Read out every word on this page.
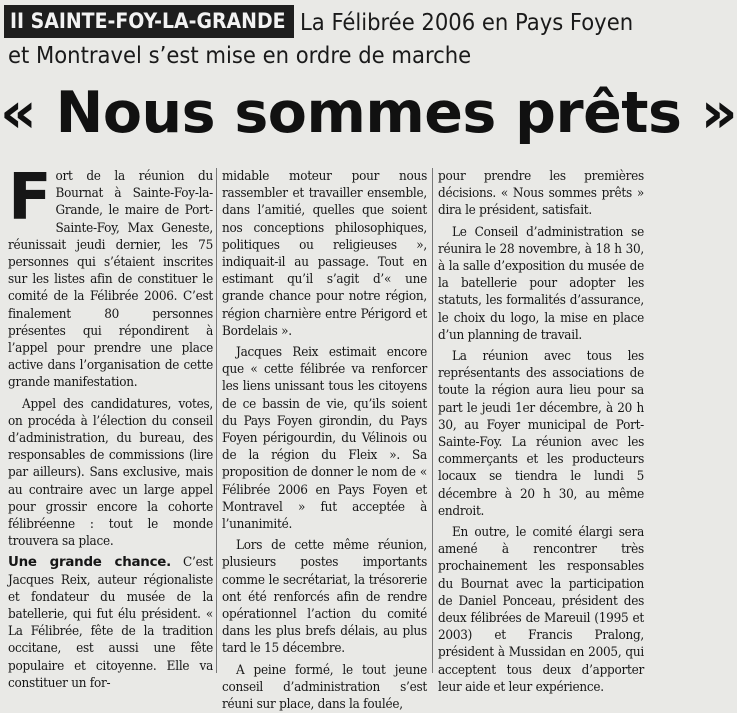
II SAINTE-FOY-LA-GRANDE La Félibrée 2006 en Pays Foyen
et Montravel s’est mise en ordre de marche
« Nous sommes prêts »

Fort de la réunion du Bournat à Sainte-Foy-la-Grande, le maire de Port-Sainte-Foy, Max Geneste, réunissait jeudi dernier, les 75 personnes qui s’étaient inscrites sur les listes afin de constituer le comité de la Félibrée 2006. C’est finalement 80 personnes présentes qui répondirent à l’appel pour prendre une place active dans l’organisation de cette grande manifestation.

Appel des candidatures, votes, on procéda à l’élection du conseil d’administration, du bureau, des responsables de commissions (lire par ailleurs). Sans exclusive, mais au contraire avec un large appel pour grossir encore la cohorte félibréenne : tout le monde trouvera sa place.

Une grande chance. C’est Jacques Reix, auteur régionaliste et fondateur du musée de la batellerie, qui fut élu président. « La Félibrée, fête de la tradition occitane, est aussi une fête populaire et citoyenne. Elle va constituer un for-

midable moteur pour nous rassembler et travailler ensemble, dans l’amitié, quelles que soient nos conceptions philosophiques, politiques ou religieuses », indiquait-il au passage. Tout en estimant qu’il s’agit d’« une grande chance pour notre région, région charnière entre Périgord et Bordelais ».

Jacques Reix estimait encore que « cette félibrée va renforcer les liens unissant tous les citoyens de ce bassin de vie, qu’ils soient du Pays Foyen girondin, du Pays Foyen périgourdin, du Vélinois ou de la région du Fleix ». Sa proposition de donner le nom de « Félibrée 2006 en Pays Foyen et Montravel » fut acceptée à l’unanimité.

Lors de cette même réunion, plusieurs postes importants comme le secrétariat, la trésorerie ont été renforcés afin de rendre opérationnel l’action du comité dans les plus brefs délais, au plus tard le 15 décembre.

A peine formé, le tout jeune conseil d’administration s’est réuni sur place, dans la foulée,

pour prendre les premières décisions. « Nous sommes prêts » dira le président, satisfait.

Le Conseil d’administration se réunira le 28 novembre, à 18 h 30, à la salle d’exposition du musée de la batellerie pour adopter les statuts, les formalités d’assurance, le choix du logo, la mise en place d’un planning de travail.

La réunion avec tous les représentants des associations de toute la région aura lieu pour sa part le jeudi 1er décembre, à 20 h 30, au Foyer municipal de Port-Sainte-Foy. La réunion avec les commerçants et les producteurs locaux se tiendra le lundi 5 décembre à 20 h 30, au même endroit.

En outre, le comité élargi sera amené à rencontrer très prochainement les responsables du Bournat avec la participation de Daniel Ponceau, président des deux félibrées de Mareuil (1995 et 2003) et Francis Pralong, président à Mussidan en 2005, qui acceptent tous deux d’apporter leur aide et leur expérience.
